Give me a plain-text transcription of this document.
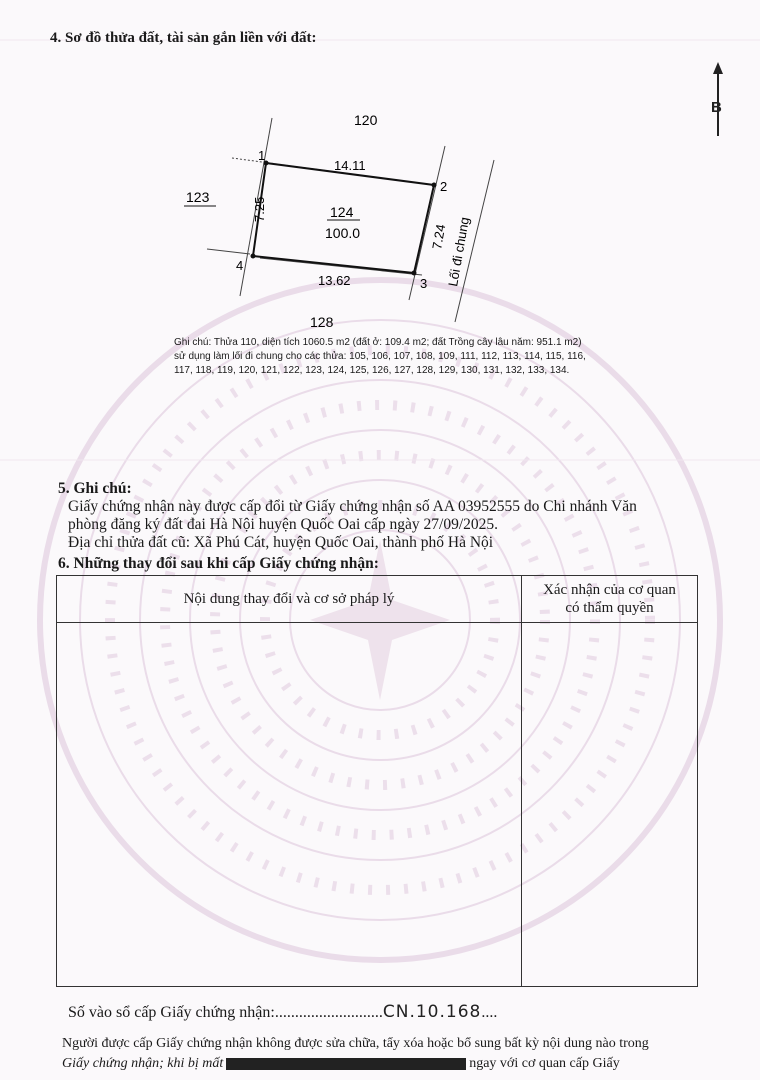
4. Sơ đồ thửa đất, tài sản gắn liền với đất:
B
1
2
3
4
14.11
13.62
7.25
7.24
124
100.0
120
123
128
Lối đi chung
Ghi chú: Thửa 110, diện tích 1060.5 m2 (đất ở: 109.4 m2; đất Trồng cây lâu năm: 951.1 m2)
sử dụng làm lối đi chung cho các thửa: 105, 106, 107, 108, 109, 111, 112, 113, 114, 115, 116,
117, 118, 119, 120, 121, 122, 123, 124, 125, 126, 127, 128, 129, 130, 131, 132, 133, 134.
5. Ghi chú:
Giấy chứng nhận này được cấp đổi từ Giấy chứng nhận số AA 03952555 do Chi nhánh Văn
phòng đăng ký đất đai Hà Nội huyện Quốc Oai cấp ngày 27/09/2025.
Địa chỉ thửa đất cũ: Xã Phú Cát, huyện Quốc Oai, thành phố Hà Nội
6. Những thay đổi sau khi cấp Giấy chứng nhận:
Nội dung thay đổi và cơ sở pháp lý	Xác nhận của cơ quan
có thẩm quyền

Số vào sổ cấp Giấy chứng nhận:...........................CN.10.168....
Người được cấp Giấy chứng nhận không được sửa chữa, tẩy xóa hoặc bổ sung bất kỳ nội dung nào trong
Giấy chứng nhận; khi bị mất	ngay với cơ quan cấp Giấy
